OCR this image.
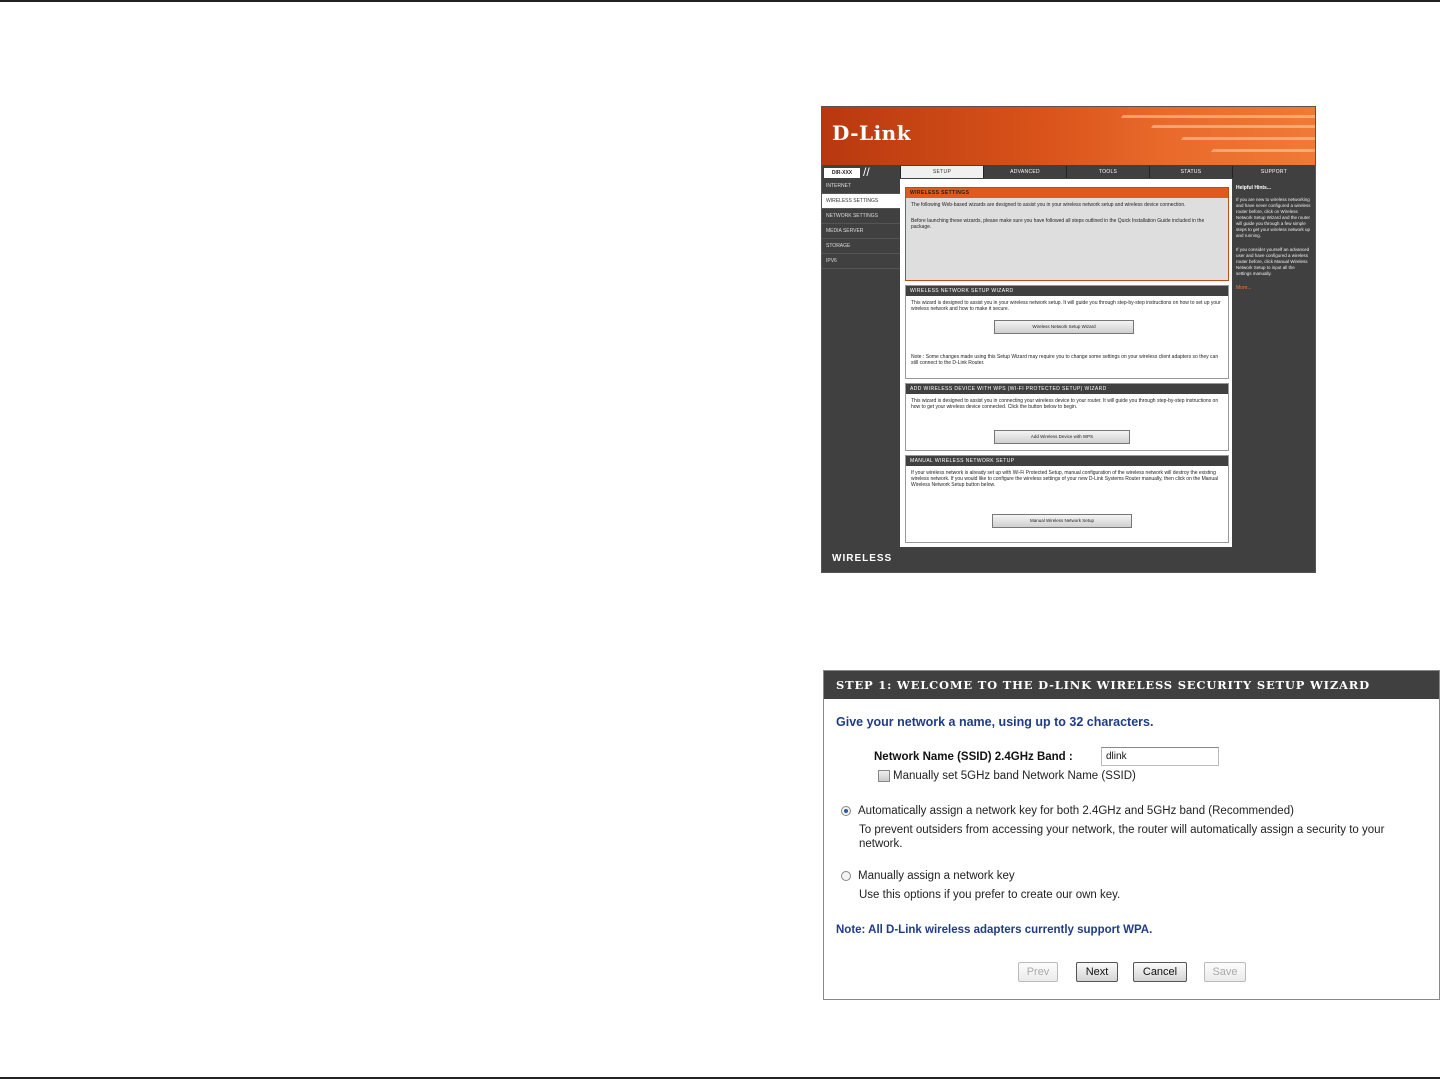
D-Link
DIR-XXX //	SETUP	ADVANCED	TOOLS	STATUS	SUPPORT
INTERNET
WIRELESS SETTINGS
NETWORK SETTINGS
MEDIA SERVER
STORAGE
IPV6
WIRELESS SETTINGS
The following Web-based wizards are designed to assist you in your wireless network setup and wireless device connection.
Before launching these wizards, please make sure you have followed all steps outlined in the Quick Installation Guide included in the package.
WIRELESS NETWORK SETUP WIZARD
This wizard is designed to assist you in your wireless network setup. It will guide you through step-by-step instructions on how to set up your wireless network and how to make it secure.
Wireless Network Setup Wizard
Note : Some changes made using this Setup Wizard may require you to change some settings on your wireless client adapters so they can still connect to the D-Link Router.
ADD WIRELESS DEVICE WITH WPS (WI-FI PROTECTED SETUP) WIZARD
This wizard is designed to assist you in connecting your wireless device to your router. It will guide you through step-by-step instructions on how to get your wireless device connected. Click the button below to begin.
Add Wireless Device with WPS
MANUAL WIRELESS NETWORK SETUP
If your wireless network is already set up with Wi-Fi Protected Setup, manual configuration of the wireless network will destroy the existing wireless network. If you would like to configure the wireless settings of your new D-Link Systems Router manually, then click on the Manual Wireless Network Setup button below.
Manual Wireless Network Setup
Helpful Hints...
If you are new to wireless networking and have never configured a wireless router before, click on Wireless Network Setup Wizard and the router will guide you through a few simple steps to get your wireless network up and running.
If you consider yourself an advanced user and have configured a wireless router before, click Manual Wireless Network Setup to input all the settings manually.
More...
WIRELESS
STEP 1: WELCOME TO THE D-LINK WIRELESS SECURITY SETUP WIZARD
Give your network a name, using up to 32 characters.
Network Name (SSID) 2.4GHz Band :
dlink
Manually set 5GHz band Network Name (SSID)
Automatically assign a network key for both 2.4GHz and 5GHz band (Recommended)
To prevent outsiders from accessing your network, the router will automatically assign a security to your network.
Manually assign a network key
Use this options if you prefer to create our own key.
Note: All D-Link wireless adapters currently support WPA.
Prev	Next	Cancel	Save
